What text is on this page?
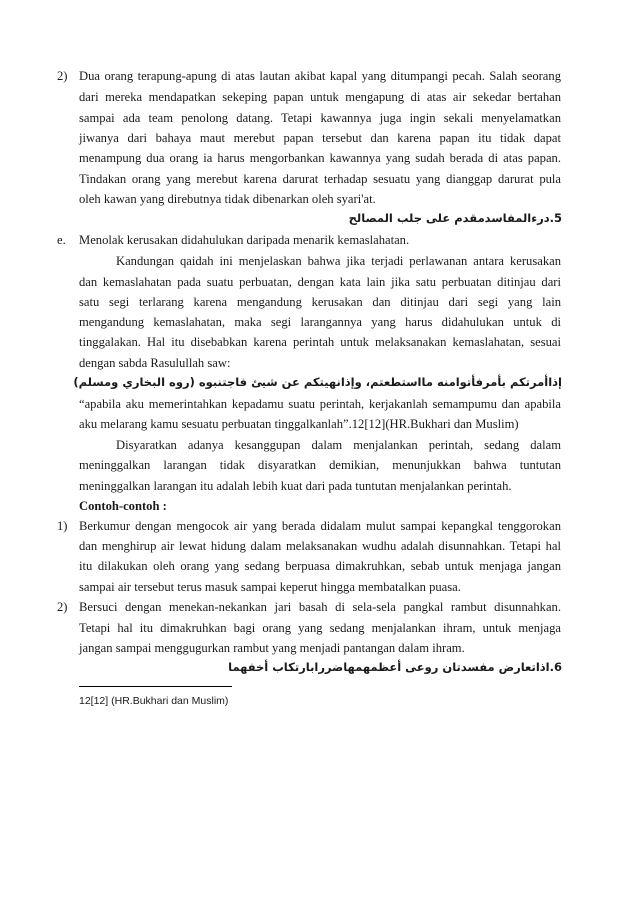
2) Dua orang terapung-apung di atas lautan akibat kapal yang ditumpangi pecah. Salah seorang
dari mereka mendapatkan sekeping papan untuk mengapung di atas air sekedar bertahan
sampai ada team penolong datang. Tetapi kawannya juga ingin sekali menyelamatkan
jiwanya dari bahaya maut merebut papan tersebut dan karena papan itu tidak dapat
menampung dua orang ia harus mengorbankan kawannya yang sudah berada di atas papan.
Tindakan orang yang merebut karena darurat terhadap sesuatu yang dianggap darurat pula
oleh kawan yang direbutnya tidak dibenarkan oleh syari'at.
5.درءالمفاسدمقدم على جلب المصالح
e. Menolak kerusakan didahulukan daripada menarik kemaslahatan.
Kandungan qaidah ini menjelaskan bahwa jika terjadi perlawanan antara kerusakan
dan kemaslahatan pada suatu perbuatan, dengan kata lain jika satu perbuatan ditinjau dari
satu segi terlarang karena mengandung kerusakan dan ditinjau dari segi yang lain
mengandung kemaslahatan, maka segi larangannya yang harus didahulukan untuk di
tinggalakan. Hal itu disebabkan karena perintah untuk melaksanakan kemaslahatan, sesuai
dengan sabda Rasulullah saw:
إذاأمرتكم بأمرفأتوامنه مااستطعتم، وإذانهيتكم عن شيئ فاجتنبوه (روه البخاري ومسلم)
“apabila aku memerintahkan kepadamu suatu perintah, kerjakanlah semampumu dan apabila
aku melarang kamu sesuatu perbuatan tinggalkanlah”.12[12](HR.Bukhari dan Muslim)
Disyaratkan adanya kesanggupan dalam menjalankan perintah, sedang dalam
meninggalkan larangan tidak disyaratkan demikian, menunjukkan bahwa tuntutan
meninggalkan larangan itu adalah lebih kuat dari pada tuntutan menjalankan perintah.
Contoh-contoh :
1) Berkumur dengan mengocok air yang berada didalam mulut sampai kepangkal tenggorokan
dan menghirup air lewat hidung dalam melaksanakan wudhu adalah disunnahkan. Tetapi hal
itu dilakukan oleh orang yang sedang berpuasa dimakruhkan, sebab untuk menjaga jangan
sampai air tersebut terus masuk sampai keperut hingga membatalkan puasa.
2) Bersuci dengan menekan-nekankan jari basah di sela-sela pangkal rambut disunnahkan.
Tetapi hal itu dimakruhkan bagi orang yang sedang menjalankan ihram, untuk menjaga
jangan sampai menggugurkan rambut yang menjadi pantangan dalam ihram.
6.اذاتعارض مفسدتان روعى أعظمهمهاضررابارتكاب أخفهما
12[12] (HR.Bukhari dan Muslim)
